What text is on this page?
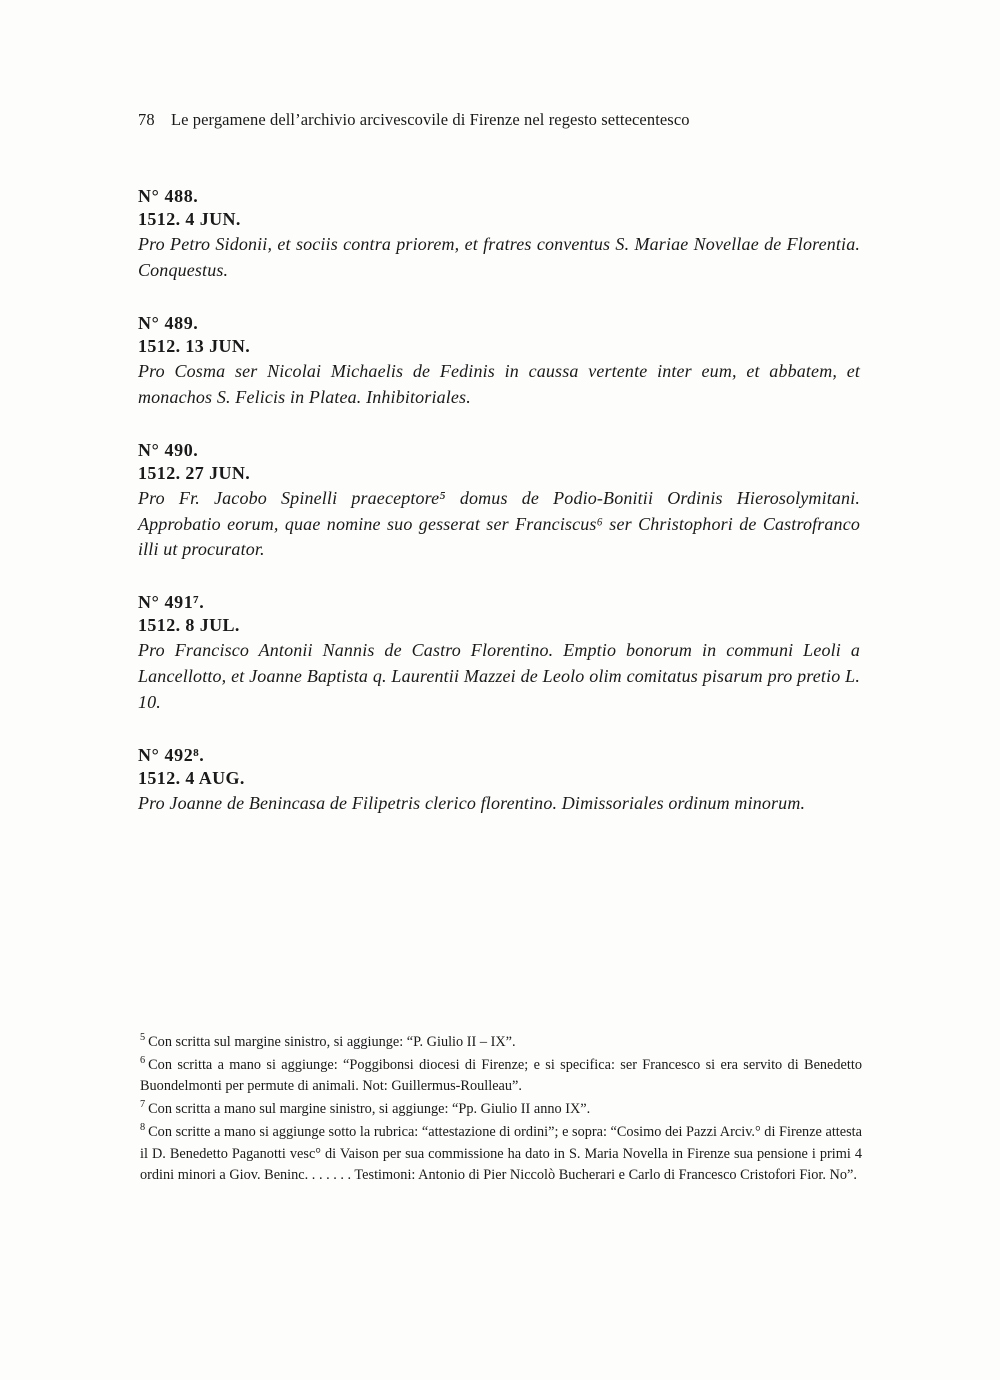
78 Le pergamene dell’archivio arcivescovile di Firenze nel regesto settecentesco
N° 488.
1512. 4 JUN.
Pro Petro Sidonii, et sociis contra priorem, et fratres conventus S. Mariae Novellae de Florentia. Conquestus.
N° 489.
1512. 13 JUN.
Pro Cosma ser Nicolai Michaelis de Fedinis in caussa vertente inter eum, et abbatem, et monachos S. Felicis in Platea. Inhibitoriales.
N° 490.
1512. 27 JUN.
Pro Fr. Jacobo Spinelli praeceptore⁵ domus de Podio-Bonitii Ordinis Hierosolymitani. Approbatio eorum, quae nomine suo gesserat ser Franciscus⁶ ser Christophori de Castrofranco illi ut procurator.
N° 491⁷.
1512. 8 JUL.
Pro Francisco Antonii Nannis de Castro Florentino. Emptio bonorum in communi Leoli a Lancellotto, et Joanne Baptista q. Laurentii Mazzei de Leolo olim comitatus pisarum pro pretio L. 10.
N° 492⁸.
1512. 4 AUG.
Pro Joanne de Benincasa de Filipetris clerico florentino. Dimissoriales ordinum minorum.
$^5$ Con scritta sul margine sinistro, si aggiunge: “P. Giulio II – IX”.
$^6$ Con scritta a mano si aggiunge: “Poggibonsi diocesi di Firenze; e si specifica: ser Francesco si era servito di Benedetto Buondelmonti per permute di animali. Not: Guillermus-Roulleau”.
$^7$ Con scritta a mano sul margine sinistro, si aggiunge: “Pp. Giulio II anno IX”.
$^8$ Con scritte a mano si aggiunge sotto la rubrica: “attestazione di ordini”; e sopra: “Cosimo dei Pazzi Arciv.° di Firenze attesta il D. Benedetto Paganotti vesc° di Vaison per sua commissione ha dato in S. Maria Novella in Firenze sua pensione i primi 4 ordini minori a Giov. Beninc. . . . . . . Testimoni: Antonio di Pier Niccolò Bucherari e Carlo di Francesco Cristofori Fior. No”.
